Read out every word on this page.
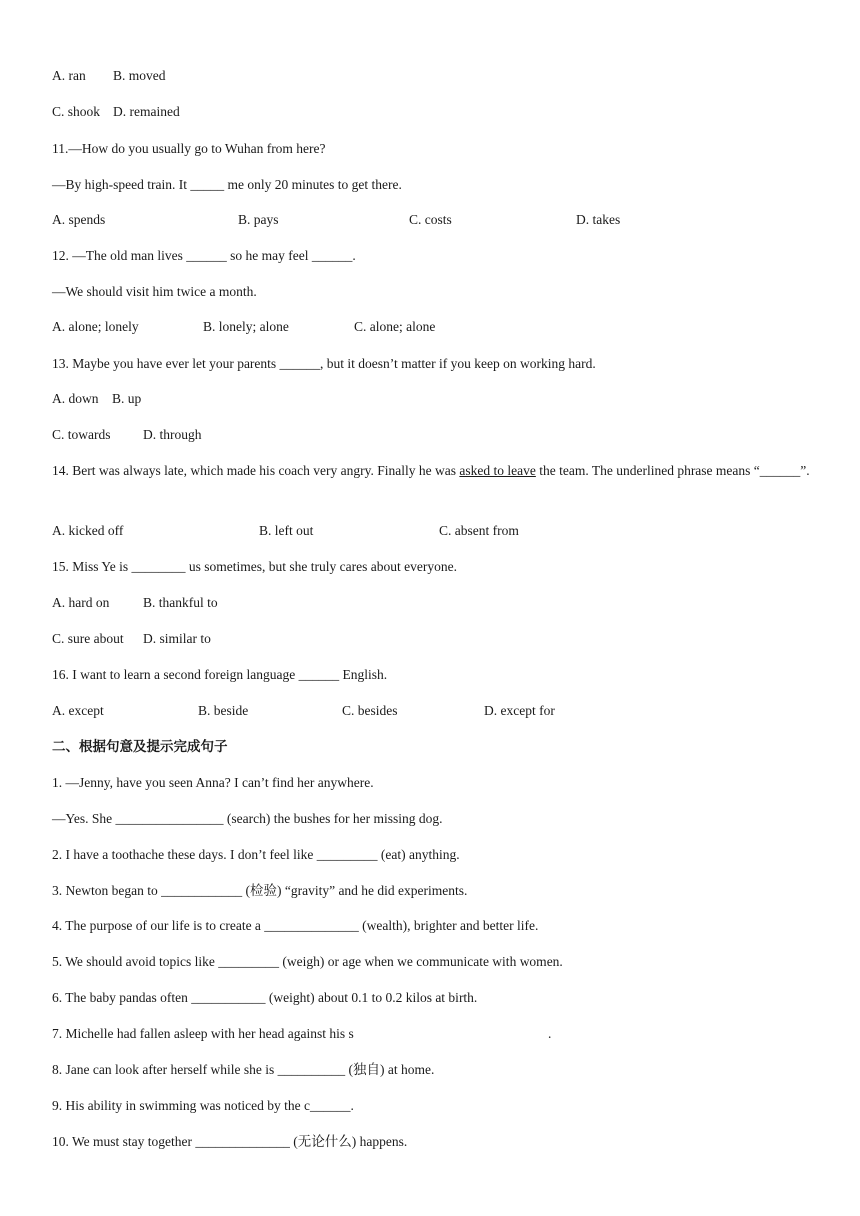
A. ran B. moved
C. shook D. remained
11.—How do you usually go to Wuhan from here?
—By high-speed train. It _____ me only 20 minutes to get there.
A. spends	B. pays	C. costs	D. takes
12. —The old man lives ______ so he may feel ______.
—We should visit him twice a month.
A. alone; lonely	B. lonely; alone	C. alone; alone
13. Maybe you have ever let your parents ______, but it doesn’t matter if you keep on working hard.
A. down B. up
C. towards D. through
14. Bert was always late, which made his coach very angry. Finally he was asked to leave the team. The underlined phrase means “______”.
A. kicked off	B. left out	C. absent from
15. Miss Ye is ________ us sometimes, but she truly cares about everyone.
A. hard on B. thankful to
C. sure about D. similar to
16. I want to learn a second foreign language ______ English.
A. except	B. beside	C. besides	D. except for
二、根据句意及提示完成句子
1. —Jenny, have you seen Anna? I can’t find her anywhere.
—Yes. She ________________ (search) the bushes for her missing dog.
2. I have a toothache these days. I don’t feel like _________ (eat) anything.
3. Newton began to ____________ (检验) “gravity” and he did experiments.
4. The purpose of our life is to create a ______________ (wealth), brighter and better life.
5. We should avoid topics like _________ (weigh) or age when we communicate with women.
6. The baby pandas often ___________ (weight) about 0.1 to 0.2 kilos at birth.
7. Michelle had fallen asleep with her head against his s	.
8. Jane can look after herself while she is __________ (独自) at home.
9. His ability in swimming was noticed by the c______.
10. We must stay together ______________ (无论什么) happens.
